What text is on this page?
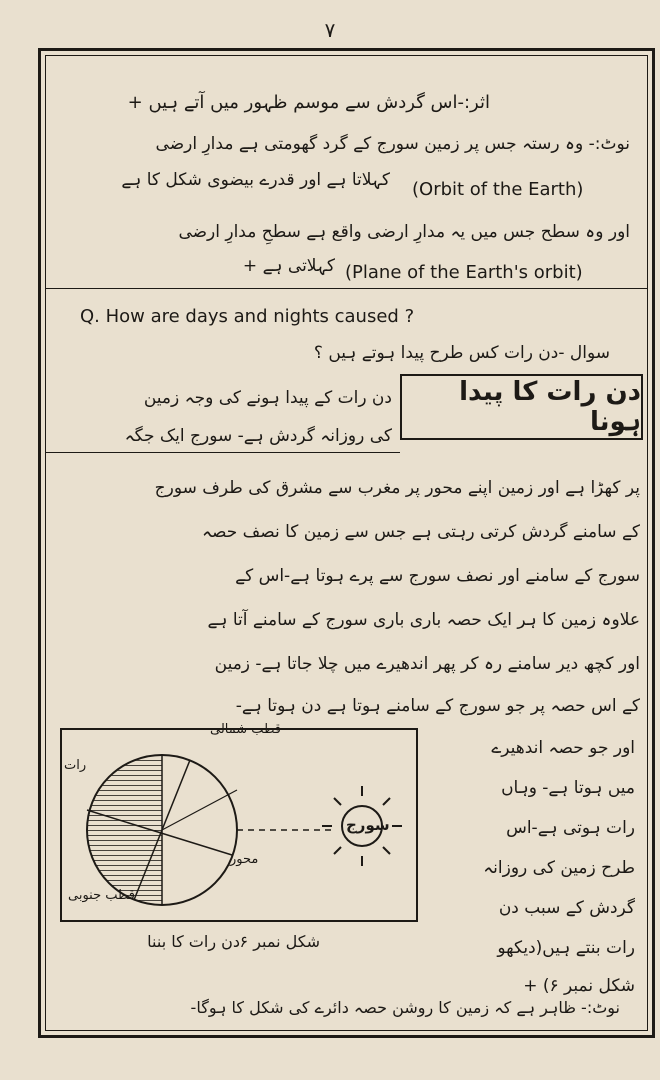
۷
اثر:-اس گردش سے موسم ظہور میں آتے ہیں +
نوٹ:- وہ رستہ جس پر زمین سورج کے گرد گھومتی ہے مدارِ ارضی
(Orbit of the Earth)
کہلاتا ہے اور قدرے بیضوی شکل کا ہے
اور وہ سطح جس میں یہ مدارِ ارضی واقع ہے سطحِ مدارِ ارضی
(Plane of the Earth's orbit)
کہلاتی ہے +
Q. How are days and nights caused ?
سوال -دن رات کس طرح پیدا ہوتے ہیں ؟
دن رات کا پیدا ہونا
دن رات کے پیدا ہونے کی وجہ زمین
کی روزانہ گردش ہے- سورج ایک جگہ
پر کھڑا ہے اور زمین اپنے محور پر مغرب سے مشرق کی طرف سورج
کے سامنے گردش کرتی رہتی ہے جس سے زمین کا نصف حصہ
سورج کے سامنے اور نصف سورج سے پرے ہوتا ہے-اس کے
علاوہ زمین کا ہر ایک حصہ باری باری سورج کے سامنے آتا ہے
اور کچھ دیر سامنے رہ کر پھر اندھیرے میں چلا جاتا ہے- زمین
کے اس حصہ پر جو سورج کے سامنے ہوتا ہے دن ہوتا ہے-
اور جو حصہ اندھیرے
میں ہوتا ہے- وہاں
رات ہوتی ہے-اس
طرح زمین کی روزانہ
گردش کے سبب دن
رات بنتے ہیں(دیکھو
شکل نمبر ۶) +
قطب شمالی
رات
محور
قطب جنوبی
سورج
شکل نمبر ۶
دن رات کا بننا
نوٹ:- ظاہر ہے کہ زمین کا روشن حصہ دائرے کی شکل کا ہوگا-
